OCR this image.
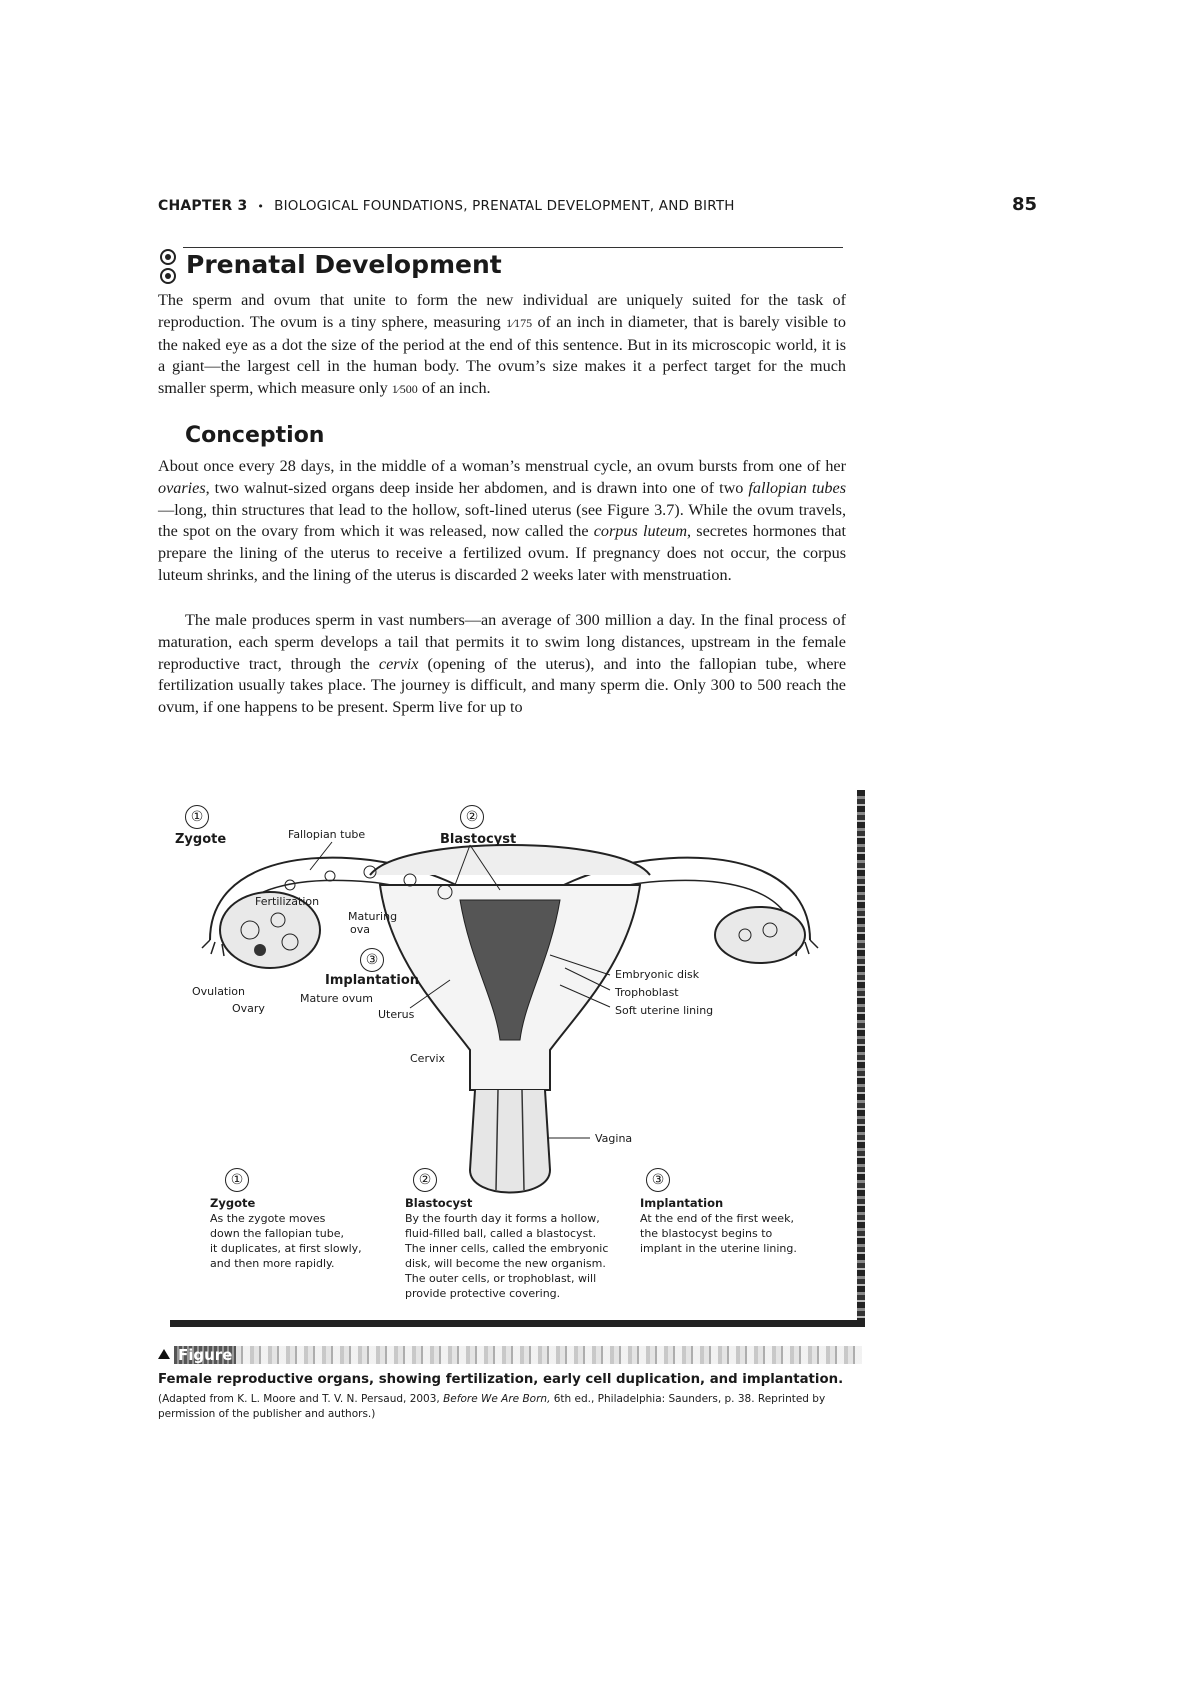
CHAPTER 3 • BIOLOGICAL FOUNDATIONS, PRENATAL DEVELOPMENT, AND BIRTH	85
Prenatal Development

The sperm and ovum that unite to form the new individual are uniquely suited for the task of reproduction. The ovum is a tiny sphere, measuring 1⁄175 of an inch in diameter, that is barely visible to the naked eye as a dot the size of the period at the end of this sentence. But in its microscopic world, it is a giant—the largest cell in the human body. The ovum’s size makes it a perfect target for the much smaller sperm, which measure only 1⁄500 of an inch.

Conception

About once every 28 days, in the middle of a woman’s menstrual cycle, an ovum bursts from one of her ovaries, two walnut-sized organs deep inside her abdomen, and is drawn into one of two fallopian tubes—long, thin structures that lead to the hollow, soft-lined uterus (see Figure 3.7). While the ovum travels, the spot on the ovary from which it was released, now called the corpus luteum, secretes hormones that prepare the lining of the uterus to receive a fertilized ovum. If pregnancy does not occur, the corpus luteum shrinks, and the lining of the uterus is discarded 2 weeks later with menstruation.

The male produces sperm in vast numbers—an average of 300 million a day. In the final process of maturation, each sperm develops a tail that permits it to swim long distances, upstream in the female reproductive tract, through the cervix (opening of the uterus), and into the fallopian tube, where fertilization usually takes place. The journey is difficult, and many sperm die. Only 300 to 500 reach the ovum, if one happens to be present. Sperm live for up to

①
Zygote	Fallopian tube
②
Blastocyst
Fertilization
Maturing
ova
③
Implantation
Ovulation
Ovary
Mature ovum
Uterus
Cervix
Embryonic disk
Trophoblast
Soft uterine lining
Vagina
①
Zygote
As the zygote moves
down the fallopian tube,
it duplicates, at first slowly,
and then more rapidly.
②
Blastocyst
By the fourth day it forms a hollow,
fluid-filled ball, called a blastocyst.
The inner cells, called the embryonic
disk, will become the new organism.
The outer cells, or trophoblast, will
provide protective covering.
③
Implantation
At the end of the first week,
the blastocyst begins to
implant in the uterine lining.
Figure
Female reproductive organs, showing fertilization, early cell duplication, and implantation.
(Adapted from K. L. Moore and T. V. N. Persaud, 2003, Before We Are Born, 6th ed., Philadelphia: Saunders, p. 38. Reprinted by permission of the publisher and authors.)
